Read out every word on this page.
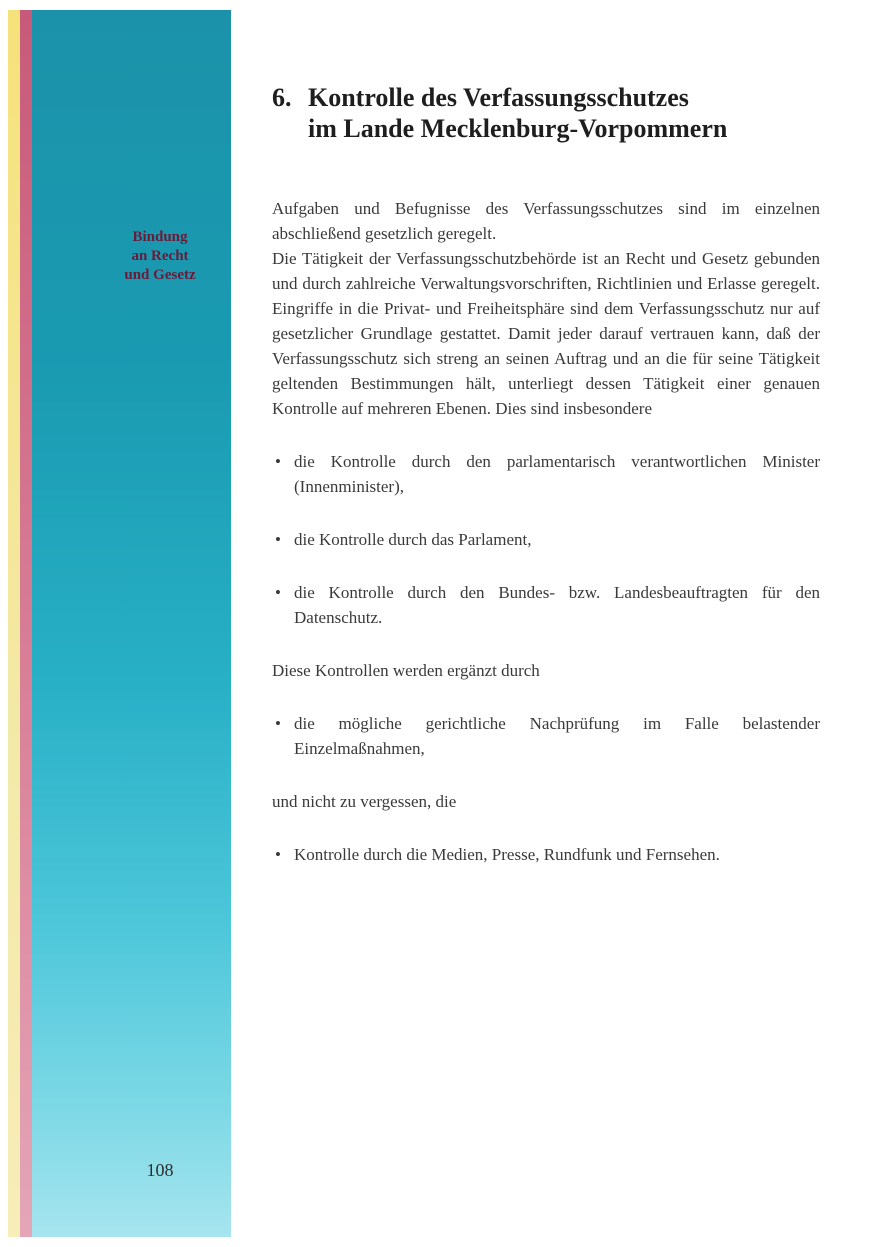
Bindung
an Recht
und Gesetz
108
6. Kontrolle des Verfassungsschutzes
im Lande Mecklenburg-Vorpommern

Aufgaben und Befugnisse des Verfassungsschutzes sind im einzelnen abschließend gesetzlich geregelt.

Die Tätigkeit der Verfassungsschutzbehörde ist an Recht und Gesetz gebunden und durch zahlreiche Verwaltungsvorschriften, Richtlinien und Erlasse geregelt. Eingriffe in die Privat- und Freiheitsphäre sind dem Verfassungsschutz nur auf gesetzlicher Grundlage gestattet. Damit jeder darauf vertrauen kann, daß der Verfassungsschutz sich streng an seinen Auftrag und an die für seine Tätigkeit geltenden Bestimmungen hält, unterliegt dessen Tätigkeit einer genauen Kontrolle auf mehreren Ebenen. Dies sind insbesondere

• die Kontrolle durch den parlamentarisch verantwortlichen Minister (Innenminister),
• die Kontrolle durch das Parlament,
• die Kontrolle durch den Bundes- bzw. Landesbeauftragten für den Datenschutz.

Diese Kontrollen werden ergänzt durch

• die mögliche gerichtliche Nachprüfung im Falle belastender Einzelmaßnahmen,

und nicht zu vergessen, die

• Kontrolle durch die Medien, Presse, Rundfunk und Fernsehen.
